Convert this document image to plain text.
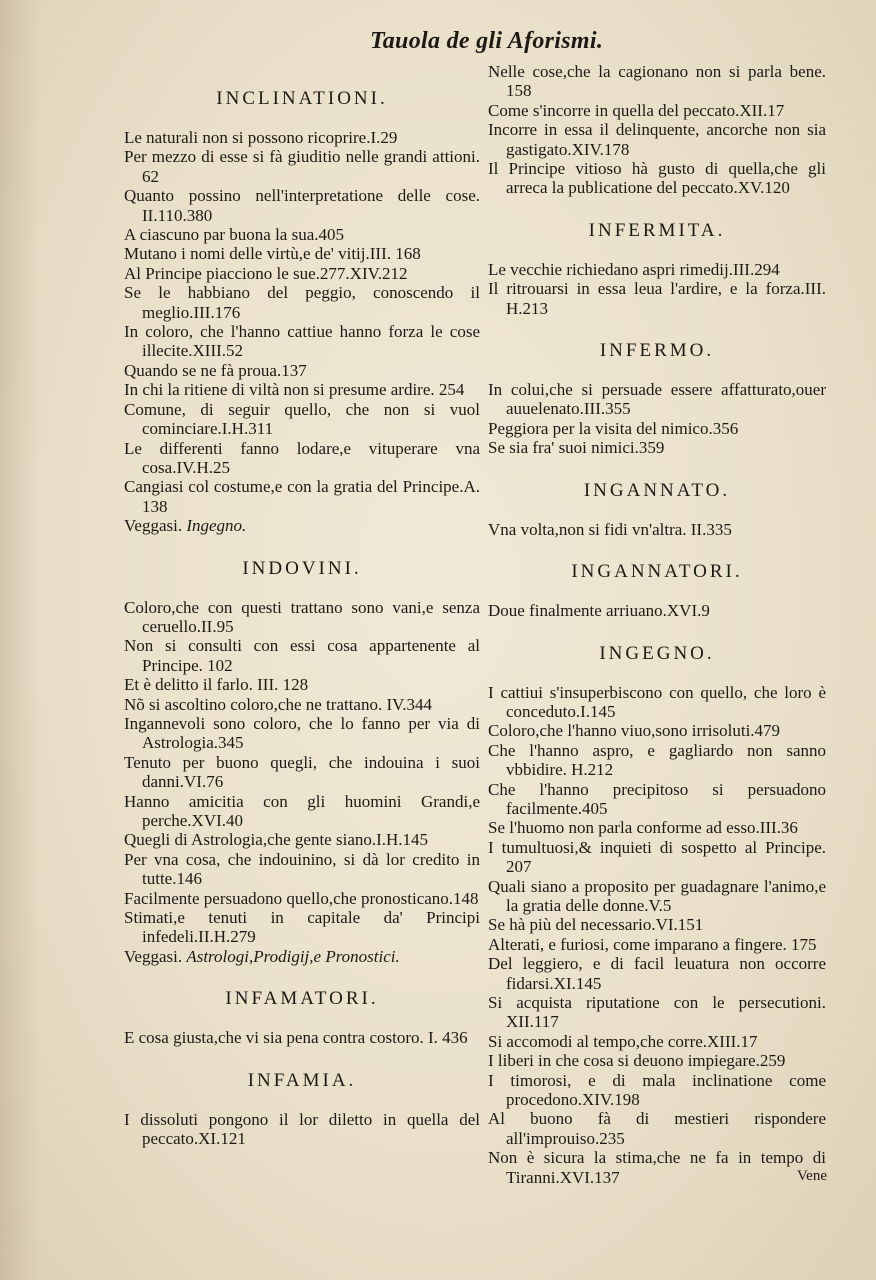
Tauola de gli Aforismi.
INCLINATIONI.
Le naturali non si possono ricoprire.I.29
Per mezzo di esse si fà giuditio nelle grandi attioni. 62
Quanto possino nell'interpretatione delle cose. II.110.380
A ciascuno par buona la sua.405
Mutano i nomi delle virtù,e de' vitij.III. 168
Al Principe piacciono le sue.277.XIV.212
Se le habbiano del peggio, conoscendo il meglio.III.176
In coloro, che l'hanno cattiue hanno forza le cose illecite.XIII.52
Quando se ne fà proua.137
In chi la ritiene di viltà non si presume ardire. 254
Comune, di seguir quello, che non si vuol cominciare.I.H.311
Le differenti fanno lodare,e vituperare vna cosa.IV.H.25
Cangiasi col costume,e con la gratia del Principe.A. 138
Veggasi. Ingegno.
INDOVINI.
Coloro,che con questi trattano sono vani,e senza ceruello.II.95
Non si consulti con essi cosa appartenente al Principe. 102
Et è delitto il farlo. III. 128
Nõ si ascoltino coloro,che ne trattano. IV.344
Ingannevoli sono coloro, che lo fanno per via di Astrologia.345
Tenuto per buono quegli, che indouina i suoi danni.VI.76
Hanno amicitia con gli huomini Grandi,e perche.XVI.40
Quegli di Astrologia,che gente siano.I.H.145
Per vna cosa, che indouinino, si dà lor credito in tutte.146
Facilmente persuadono quello,che pronosticano.148
Stimati,e tenuti in capitale da' Principi infedeli.II.H.279
Veggasi. Astrologi,Prodigij,e Pronostici.
INFAMATORI.
E cosa giusta,che vi sia pena contra costoro. I. 436
INFAMIA.
I dissoluti pongono il lor diletto in quella del peccato.XI.121
Nelle cose,che la cagionano non si parla bene. 158
Come s'incorre in quella del peccato.XII.17
Incorre in essa il delinquente, ancorche non sia gastigato.XIV.178
Il Principe vitioso hà gusto di quella,che gli arreca la publicatione del peccato.XV.120
INFERMITA.
Le vecchie richiedano aspri rimedij.III.294
Il ritrouarsi in essa leua l'ardire, e la forza.III. H.213
INFERMO.
In colui,che si persuade essere affatturato,ouer auuelenato.III.355
Peggiora per la visita del nimico.356
Se sia fra' suoi nimici.359
INGANNATO.
Vna volta,non si fidi vn'altra. II.335
INGANNATORI.
Doue finalmente arriuano.XVI.9
INGEGNO.
I cattiui s'insuperbiscono con quello, che loro è conceduto.I.145
Coloro,che l'hanno viuo,sono irrisoluti.479
Che l'hanno aspro, e gagliardo non sanno vbbidire. H.212
Che l'hanno precipitoso si persuadono facilmente.405
Se l'huomo non parla conforme ad esso.III.36
I tumultuosi,& inquieti di sospetto al Principe. 207
Quali siano a proposito per guadagnare l'animo,e la gratia delle donne.V.5
Se hà più del necessario.VI.151
Alterati, e furiosi, come imparano a fingere. 175
Del leggiero, e di facil leuatura non occorre fidarsi.XI.145
Si acquista riputatione con le persecutioni. XII.117
Si accomodi al tempo,che corre.XIII.17
I liberi in che cosa si deuono impiegare.259
I timorosi, e di mala inclinatione come procedono.XIV.198
Al buono fà di mestieri rispondere all'improuiso.235
Non è sicura la stima,che ne fa in tempo di Tiranni.XVI.137	Vene
